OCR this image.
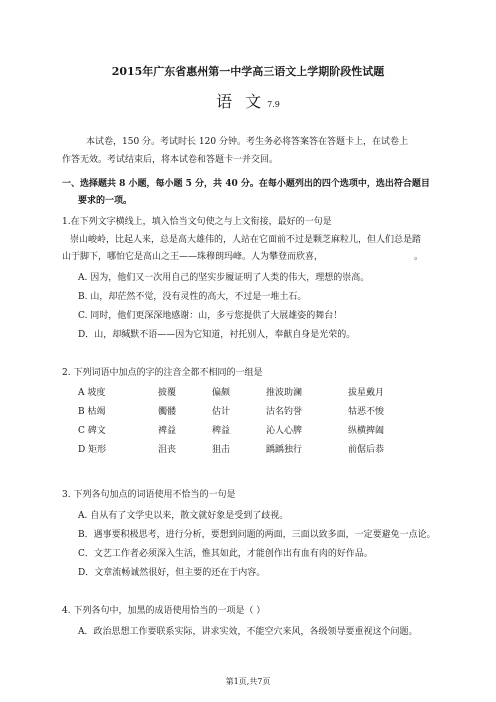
2015年广东省惠州第一中学高三语文上学期阶段性试题
语 文 7.9
本试卷，150 分。考试时长 120 分钟。考生务必将答案答在答题卡上，在试卷上
作答无效。考试结束后，将本试卷和答题卡一并交回。
一、选择题共 8 小题，每小题 5 分，共 40 分。在每小题列出的四个选项中，选出符合题目
要求的一项。
1.在下列文字横线上，填入恰当文句使之与上文衔接，最好的一句是
崇山峻岭，比起人来，总是高大雄伟的，人站在它面前不过是颗芝麻粒儿，但人们总是踏
山于脚下，哪怕它是高山之王——珠穆朗玛峰。人为攀登而欣喜，	。
A. 因为，他们又一次用自己的坚实步履证明了人类的伟大，理想的崇高。
B. 山，却茫然不觉，没有灵性的高大，不过是一堆土石。
C. 同时，他们更深深地感谢：山，多亏您提供了大展雄姿的舞台！
D．山，却缄默不语——因为它知道，衬托别人，奉献自身是光荣的。
2. 下列词语中加点的字的注音全都不相同的一组是
A 坡度	披覆	偏颇	推波助澜	拔星戴月
B 枯竭	髑髅	估计	沽名钓誉	牯恶不悛
C 碑文	裨益	稗益	沁人心脾	纵横捭阖
D 矩形	沮丧	狙击	踽踽独行	前倨后恭
3. 下列各句加点的词语使用不恰当的一句是
A. 自从有了文学史以来，散文就好象是受到了歧视。
B．遇事要积极思考，进行分析，要想到问题的两面，三面以致多面，一定要避免一点论。
C．文艺工作者必须深入生活，惟其如此，才能创作出有血有肉的好作品。
D．文章流畅诚然很好，但主要的还在于内容。
4. 下列各句中，加黑的成语使用恰当的一项是（ ）
A．政治思想工作要联系实际，讲求实效，不能空穴来风，各级领导要重视这个问题。
第1页,共7页
